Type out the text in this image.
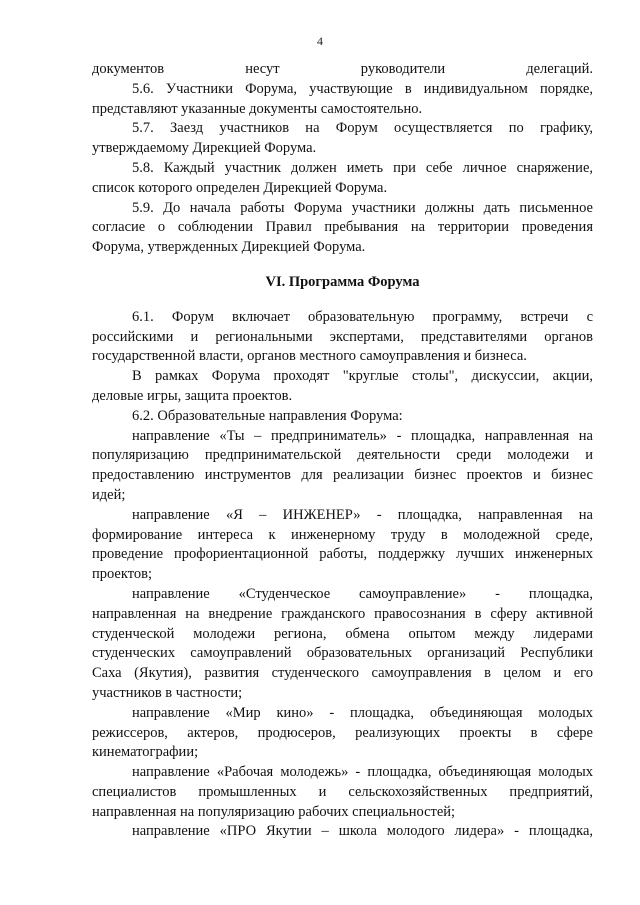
4
документов несут руководители делегаций.
5.6. Участники Форума, участвующие в индивидуальном порядке,
представляют указанные документы самостоятельно.
5.7. Заезд участников на Форум осуществляется по графику,
утверждаемому Дирекцией Форума.
5.8. Каждый участник должен иметь при себе личное снаряжение,
список которого определен Дирекцией Форума.
5.9. До начала работы Форума участники должны дать письменное
согласие о соблюдении Правил пребывания на территории проведения
Форума, утвержденных Дирекцией Форума.
VI. Программа Форума
6.1. Форум включает образовательную программу, встречи с
российскими и региональными экспертами, представителями органов
государственной власти, органов местного самоуправления и бизнеса.
В рамках Форума проходят "круглые столы", дискуссии, акции,
деловые игры, защита проектов.
6.2. Образовательные направления Форума:
направление «Ты – предприниматель» - площадка, направленная на
популяризацию предпринимательской деятельности среди молодежи и
предоставлению инструментов для реализации бизнес проектов и бизнес
идей;
направление «Я – ИНЖЕНЕР» - площадка, направленная на
формирование интереса к инженерному труду в молодежной среде,
проведение профориентационной работы, поддержку лучших инженерных
проектов;
направление «Студенческое самоуправление» - площадка,
направленная на внедрение гражданского правосознания в сферу активной
студенческой молодежи региона, обмена опытом между лидерами
студенческих самоуправлений образовательных организаций Республики
Саха (Якутия), развития студенческого самоуправления в целом и его
участников в частности;
направление «Мир кино» - площадка, объединяющая молодых
режиссеров, актеров, продюсеров, реализующих проекты в сфере
кинематографии;
направление «Рабочая молодежь» - площадка, объединяющая молодых
специалистов промышленных и сельскохозяйственных предприятий,
направленная на популяризацию рабочих специальностей;
направление «ПРО Якутии – школа молодого лидера» - площадка,
